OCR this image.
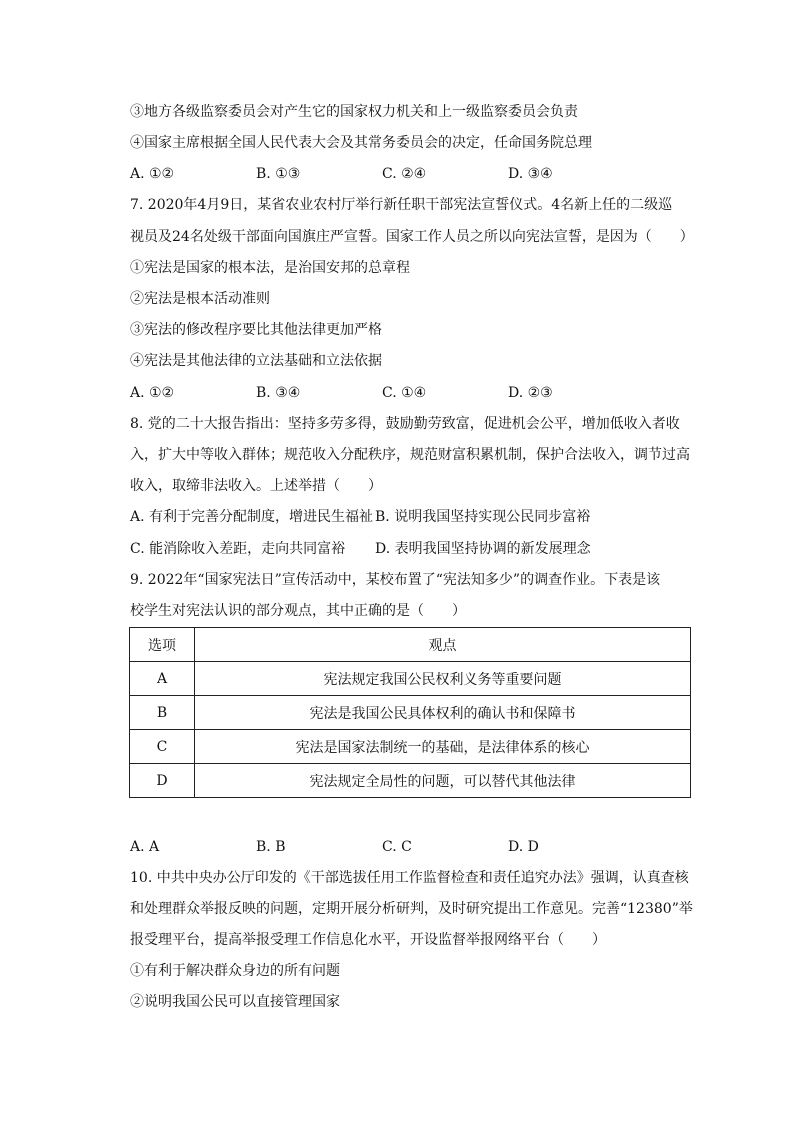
③地方各级监察委员会对产生它的国家权力机关和上一级监察委员会负责
④国家主席根据全国人民代表大会及其常务委员会的决定，任命国务院总理
A. ①②	B. ①③	C. ②④	D. ③④
7. 2020年4月9日，某省农业农村厅举行新任职干部宪法宣誓仪式。4名新上任的二级巡
视员及24名处级干部面向国旗庄严宣誓。国家工作人员之所以向宪法宣誓，是因为（　　）
①宪法是国家的根本法，是治国安邦的总章程
②宪法是根本活动准则
③宪法的修改程序要比其他法律更加严格
④宪法是其他法律的立法基础和立法依据
A. ①②	B. ③④	C. ①④	D. ②③
8. 党的二十大报告指出：坚持多劳多得，鼓励勤劳致富，促进机会公平，增加低收入者收
入，扩大中等收入群体；规范收入分配秩序，规范财富积累机制，保护合法收入，调节过高
收入，取缔非法收入。上述举措（　　）
A. 有利于完善分配制度，增进民生福祉 B. 说明我国坚持实现公民同步富裕
C. 能消除收入差距，走向共同富裕 D. 表明我国坚持协调的新发展理念
9. 2022年“国家宪法日”宣传活动中，某校布置了“宪法知多少”的调查作业。下表是该
校学生对宪法认识的部分观点，其中正确的是（　　）
选项	观点
A	宪法规定我国公民权利义务等重要问题
B	宪法是我国公民具体权利的确认书和保障书
C	宪法是国家法制统一的基础，是法律体系的核心
D	宪法规定全局性的问题，可以替代其他法律
A. A	B. B	C. C	D. D
10. 中共中央办公厅印发的《干部选拔任用工作监督检查和责任追究办法》强调，认真查核
和处理群众举报反映的问题，定期开展分析研判，及时研究提出工作意见。完善“12380”举
报受理平台，提高举报受理工作信息化水平，开设监督举报网络平台（　　）
①有利于解决群众身边的所有问题
②说明我国公民可以直接管理国家
